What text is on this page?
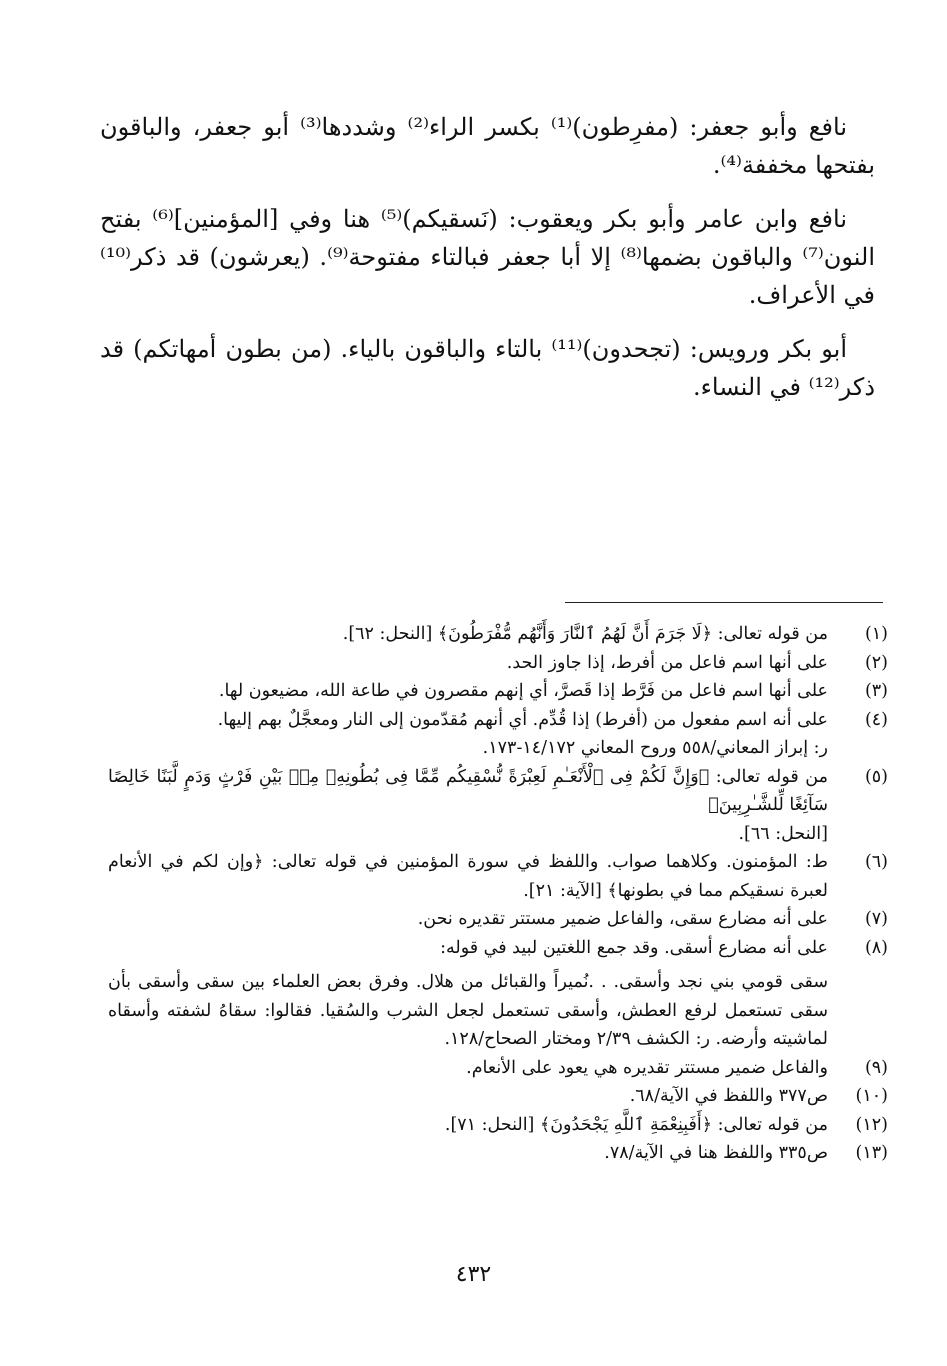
نافع وأبو جعفر: (مفرِطون)⁽¹⁾ بكسر الراء⁽²⁾ وشددها⁽³⁾ أبو جعفر، والباقون بفتحها مخففة⁽⁴⁾.

نافع وابن عامر وأبو بكر ويعقوب: (نَسقيكم)⁽⁵⁾ هنا وفي [المؤمنين]⁽⁶⁾ بفتح النون⁽⁷⁾ والباقون بضمها⁽⁸⁾ إلا أبا جعفر فبالتاء مفتوحة⁽⁹⁾. (يعرشون) قد ذكر⁽¹⁰⁾ في الأعراف.

أبو بكر ورويس: (تجحدون)⁽¹¹⁾ بالتاء والباقون بالياء. (من بطون أمهاتكم) قد ذكر⁽¹²⁾ في النساء.

(١)
من قوله تعالى: ﴿لَا جَرَمَ أَنَّ لَهُمُ ٱلنَّارَ وَأَنَّهُم مُّفْرَطُونَ﴾ [النحل: ٦٢].
(٢)
على أنها اسم فاعل من أفرط، إذا جاوز الحد.
(٣)
على أنها اسم فاعل من فَرَّط إذا قَصرَّ، أي إنهم مقصرون في طاعة الله، مضيعون لها.
(٤)
على أنه اسم مفعول من (أفرط) إذا قُدِّم. أي أنهم مُقدّمون إلى النار ومعجَّلٌ بهم إليها.
ر: إبراز المعاني/٥٥٨ وروح المعاني ١٤/١٧٢-١٧٣.
(٥)
من قوله تعالى: ﴿وَإِنَّ لَكُمْ فِى ٱلْأَنْعَـٰمِ لَعِبْرَةً نُّسْقِيكُم مِّمَّا فِى بُطُونِهِۦ مِنۢ بَيْنِ فَرْثٍ وَدَمٍ لَّبَنًا خَالِصًا سَآئِغًا لِّلشَّـٰرِبِينَ﴾
[النحل: ٦٦].
(٦)
ط: المؤمنون. وكلاهما صواب. واللفظ في سورة المؤمنين في قوله تعالى: ﴿وإن لكم في الأنعام لعبرة نسقيكم مما في بطونها﴾ [الآية: ٢١].
(٧)
على أنه مضارع سقى، والفاعل ضمير مستتر تقديره نحن.
(٨)
على أنه مضارع أسقى. وقد جمع اللغتين لبيد في قوله:
سقى قومي بني نجد وأسقى. . .نُميراً والقبائل من هلال. وفرق بعض العلماء بين سقى وأسقى بأن سقى تستعمل لرفع العطش، وأسقى تستعمل لجعل الشرب والسُقيا. فقالوا: سقاهُ لشفته وأسقاه لماشيته وأرضه. ر: الكشف ٢/٣٩ ومختار الصحاح/١٢٨.
(٩)
والفاعل ضمير مستتر تقديره هي يعود على الأنعام.
(١٠)
ص٣٧٧ واللفظ في الآية/٦٨.
(١٢)
من قوله تعالى: ﴿أَفَبِنِعْمَةِ ٱللَّهِ يَجْحَدُونَ﴾ [النحل: ٧١].
(١٣)
ص٣٣٥ واللفظ هنا في الآية/٧٨.
٤٣٢
